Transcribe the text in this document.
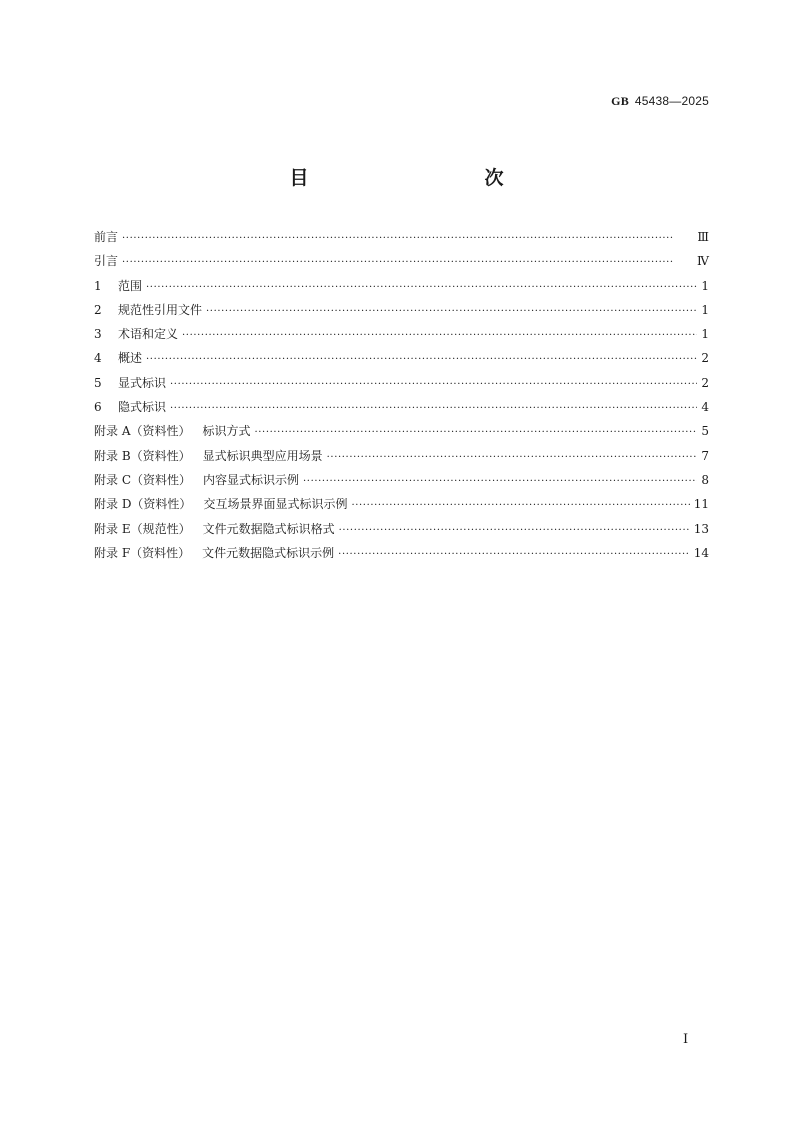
GB 45438—2025
目　　次
前言 ·····	Ⅲ
引言 ·····	Ⅳ
1 范围 ·····	1
2 规范性引用文件 ·····	1
3 术语和定义 ·····	1
4 概述 ·····	2
5 显式标识 ·····	2
6 隐式标识 ·····	4
附录 A（资料性） 标识方式 ·····	5
附录 B（资料性） 显式标识典型应用场景 ·····	7
附录 C（资料性） 内容显式标识示例 ·····	8
附录 D（资料性） 交互场景界面显式标识示例 ·····	11
附录 E（规范性） 文件元数据隐式标识格式 ·····	13
附录 F（资料性） 文件元数据隐式标识示例 ·····	14
Ⅰ
